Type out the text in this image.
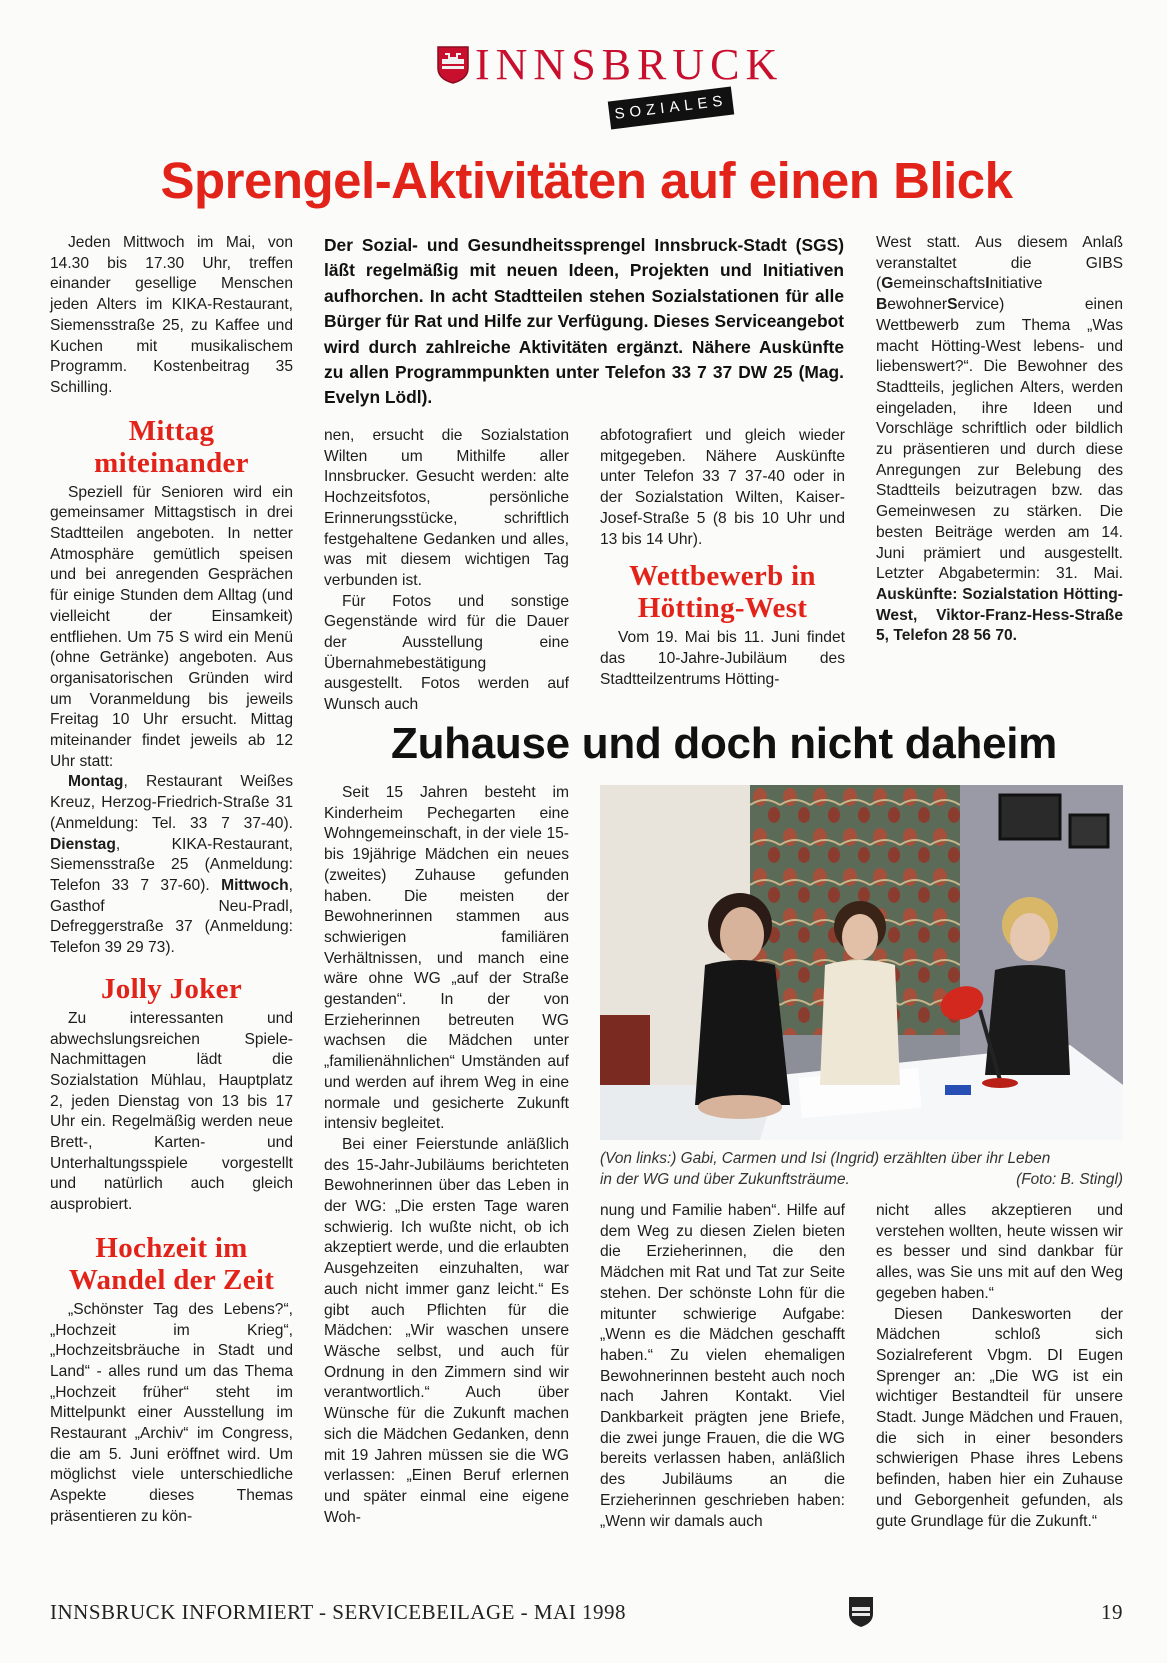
INNSBRUCK
SOZIALES
Sprengel-Aktivitäten auf einen Blick

Jeden Mittwoch im Mai, von 14.30 bis 17.30 Uhr, treffen einander gesellige Menschen jeden Alters im KIKA-Restaurant, Siemensstraße 25, zu Kaffee und Kuchen mit musikalischem Programm. Kostenbeitrag 35 Schilling.

Mittag miteinander

Speziell für Senioren wird ein gemeinsamer Mittagstisch in drei Stadtteilen angeboten. In netter Atmosphäre gemütlich speisen und bei anregenden Gesprächen für einige Stunden dem Alltag (und vielleicht der Einsamkeit) entfliehen. Um 75 S wird ein Menü (ohne Getränke) angeboten. Aus organisatorischen Gründen wird um Voranmeldung bis jeweils Freitag 10 Uhr ersucht. Mittag miteinander findet jeweils ab 12 Uhr statt:

Montag, Restaurant Weißes Kreuz, Herzog-Friedrich-Straße 31 (Anmeldung: Tel. 33 7 37-40). Dienstag, KIKA-Restaurant, Siemensstraße 25 (Anmeldung: Telefon 33 7 37-60). Mittwoch, Gasthof Neu-Pradl, Defreggerstraße 37 (Anmeldung: Telefon 39 29 73).

Jolly Joker

Zu interessanten und abwechslungsreichen Spiele-Nachmittagen lädt die Sozialstation Mühlau, Hauptplatz 2, jeden Dienstag von 13 bis 17 Uhr ein. Regelmäßig werden neue Brett-, Karten- und Unterhaltungsspiele vorgestellt und natürlich auch gleich ausprobiert.

Hochzeit im Wandel der Zeit

„Schönster Tag des Lebens?“, „Hochzeit im Krieg“, „Hochzeitsbräuche in Stadt und Land“ - alles rund um das Thema „Hochzeit früher“ steht im Mittelpunkt einer Ausstellung im Restaurant „Archiv“ im Congress, die am 5. Juni eröffnet wird. Um möglichst viele unterschiedliche Aspekte dieses Themas präsentieren zu kön-

Der Sozial- und Gesundheitssprengel Innsbruck-Stadt (SGS) läßt regelmäßig mit neuen Ideen, Projekten und Initiativen aufhorchen. In acht Stadtteilen stehen Sozialstationen für alle Bürger für Rat und Hilfe zur Verfügung. Dieses Serviceangebot wird durch zahlreiche Aktivitäten ergänzt. Nähere Auskünfte zu allen Programmpunkten unter Telefon 33 7 37 DW 25 (Mag. Evelyn Lödl).

nen, ersucht die Sozialstation Wilten um Mithilfe aller Innsbrucker. Gesucht werden: alte Hochzeitsfotos, persönliche Erinnerungsstücke, schriftlich festgehaltene Gedanken und alles, was mit diesem wichtigen Tag verbunden ist.

Für Fotos und sonstige Gegenstände wird für die Dauer der Ausstellung eine Übernahmebestätigung ausgestellt. Fotos werden auf Wunsch auch

abfotografiert und gleich wieder mitgegeben. Nähere Auskünfte unter Telefon 33 7 37-40 oder in der Sozialstation Wilten, Kaiser-Josef-Straße 5 (8 bis 10 Uhr und 13 bis 14 Uhr).

Wettbewerb in Hötting-West

Vom 19. Mai bis 11. Juni findet das 10-Jahre-Jubiläum des Stadtteilzentrums Hötting-

West statt. Aus diesem Anlaß veranstaltet die GIBS (GemeinschaftsInitiative BewohnerService) einen Wettbewerb zum Thema „Was macht Hötting-West lebens- und liebenswert?“. Die Bewohner des Stadtteils, jeglichen Alters, werden eingeladen, ihre Ideen und Vorschläge schriftlich oder bildlich zu präsentieren und durch diese Anregungen zur Belebung des Stadtteils beizutragen bzw. das Gemeinwesen zu stärken. Die besten Beiträge werden am 14. Juni prämiert und ausgestellt. Letzter Abgabetermin: 31. Mai. Auskünfte: Sozialstation Hötting-West, Viktor-Franz-Hess-Straße 5, Telefon 28 56 70.

Zuhause und doch nicht daheim

Seit 15 Jahren besteht im Kinderheim Pechegarten eine Wohngemeinschaft, in der viele 15- bis 19jährige Mädchen ein neues (zweites) Zuhause gefunden haben. Die meisten der Bewohnerinnen stammen aus schwierigen familiären Verhältnissen, und manch eine wäre ohne WG „auf der Straße gestanden“. In der von Erzieherinnen betreuten WG wachsen die Mädchen unter „familienähnlichen“ Umständen auf und werden auf ihrem Weg in eine normale und gesicherte Zukunft intensiv begleitet.

Bei einer Feierstunde anläßlich des 15-Jahr-Jubiläums berichteten Bewohnerinnen über das Leben in der WG: „Die ersten Tage waren schwierig. Ich wußte nicht, ob ich akzeptiert werde, und die erlaubten Ausgehzeiten einzuhalten, war auch nicht immer ganz leicht.“ Es gibt auch Pflichten für die Mädchen: „Wir waschen unsere Wäsche selbst, und auch für Ordnung in den Zimmern sind wir verantwortlich.“ Auch über Wünsche für die Zukunft machen sich die Mädchen Gedanken, denn mit 19 Jahren müssen sie die WG verlassen: „Einen Beruf erlernen und später einmal eine eigene Woh-

(Von links:) Gabi, Carmen und Isi (Ingrid) erzählten über ihr Leben
in der WG und über Zukunftsträume.	(Foto: B. Stingl)

nung und Familie haben“. Hilfe auf dem Weg zu diesen Zielen bieten die Erzieherinnen, die den Mädchen mit Rat und Tat zur Seite stehen. Der schönste Lohn für die mitunter schwierige Aufgabe: „Wenn es die Mädchen geschafft haben.“ Zu vielen ehemaligen Bewohnerinnen besteht auch noch nach Jahren Kontakt. Viel Dankbarkeit prägten jene Briefe, die zwei junge Frauen, die die WG bereits verlassen haben, anläßlich des Jubiläums an die Erzieherinnen geschrieben haben: „Wenn wir damals auch

nicht alles akzeptieren und verstehen wollten, heute wissen wir es besser und sind dankbar für alles, was Sie uns mit auf den Weg gegeben haben.“

Diesen Dankesworten der Mädchen schloß sich Sozialreferent Vbgm. DI Eugen Sprenger an: „Die WG ist ein wichtiger Bestandteil für unsere Stadt. Junge Mädchen und Frauen, die sich in einer besonders schwierigen Phase ihres Lebens befinden, haben hier ein Zuhause und Geborgenheit gefunden, als gute Grundlage für die Zukunft.“

INNSBRUCK INFORMIERT - SERVICEBEILAGE - MAI 1998	19
